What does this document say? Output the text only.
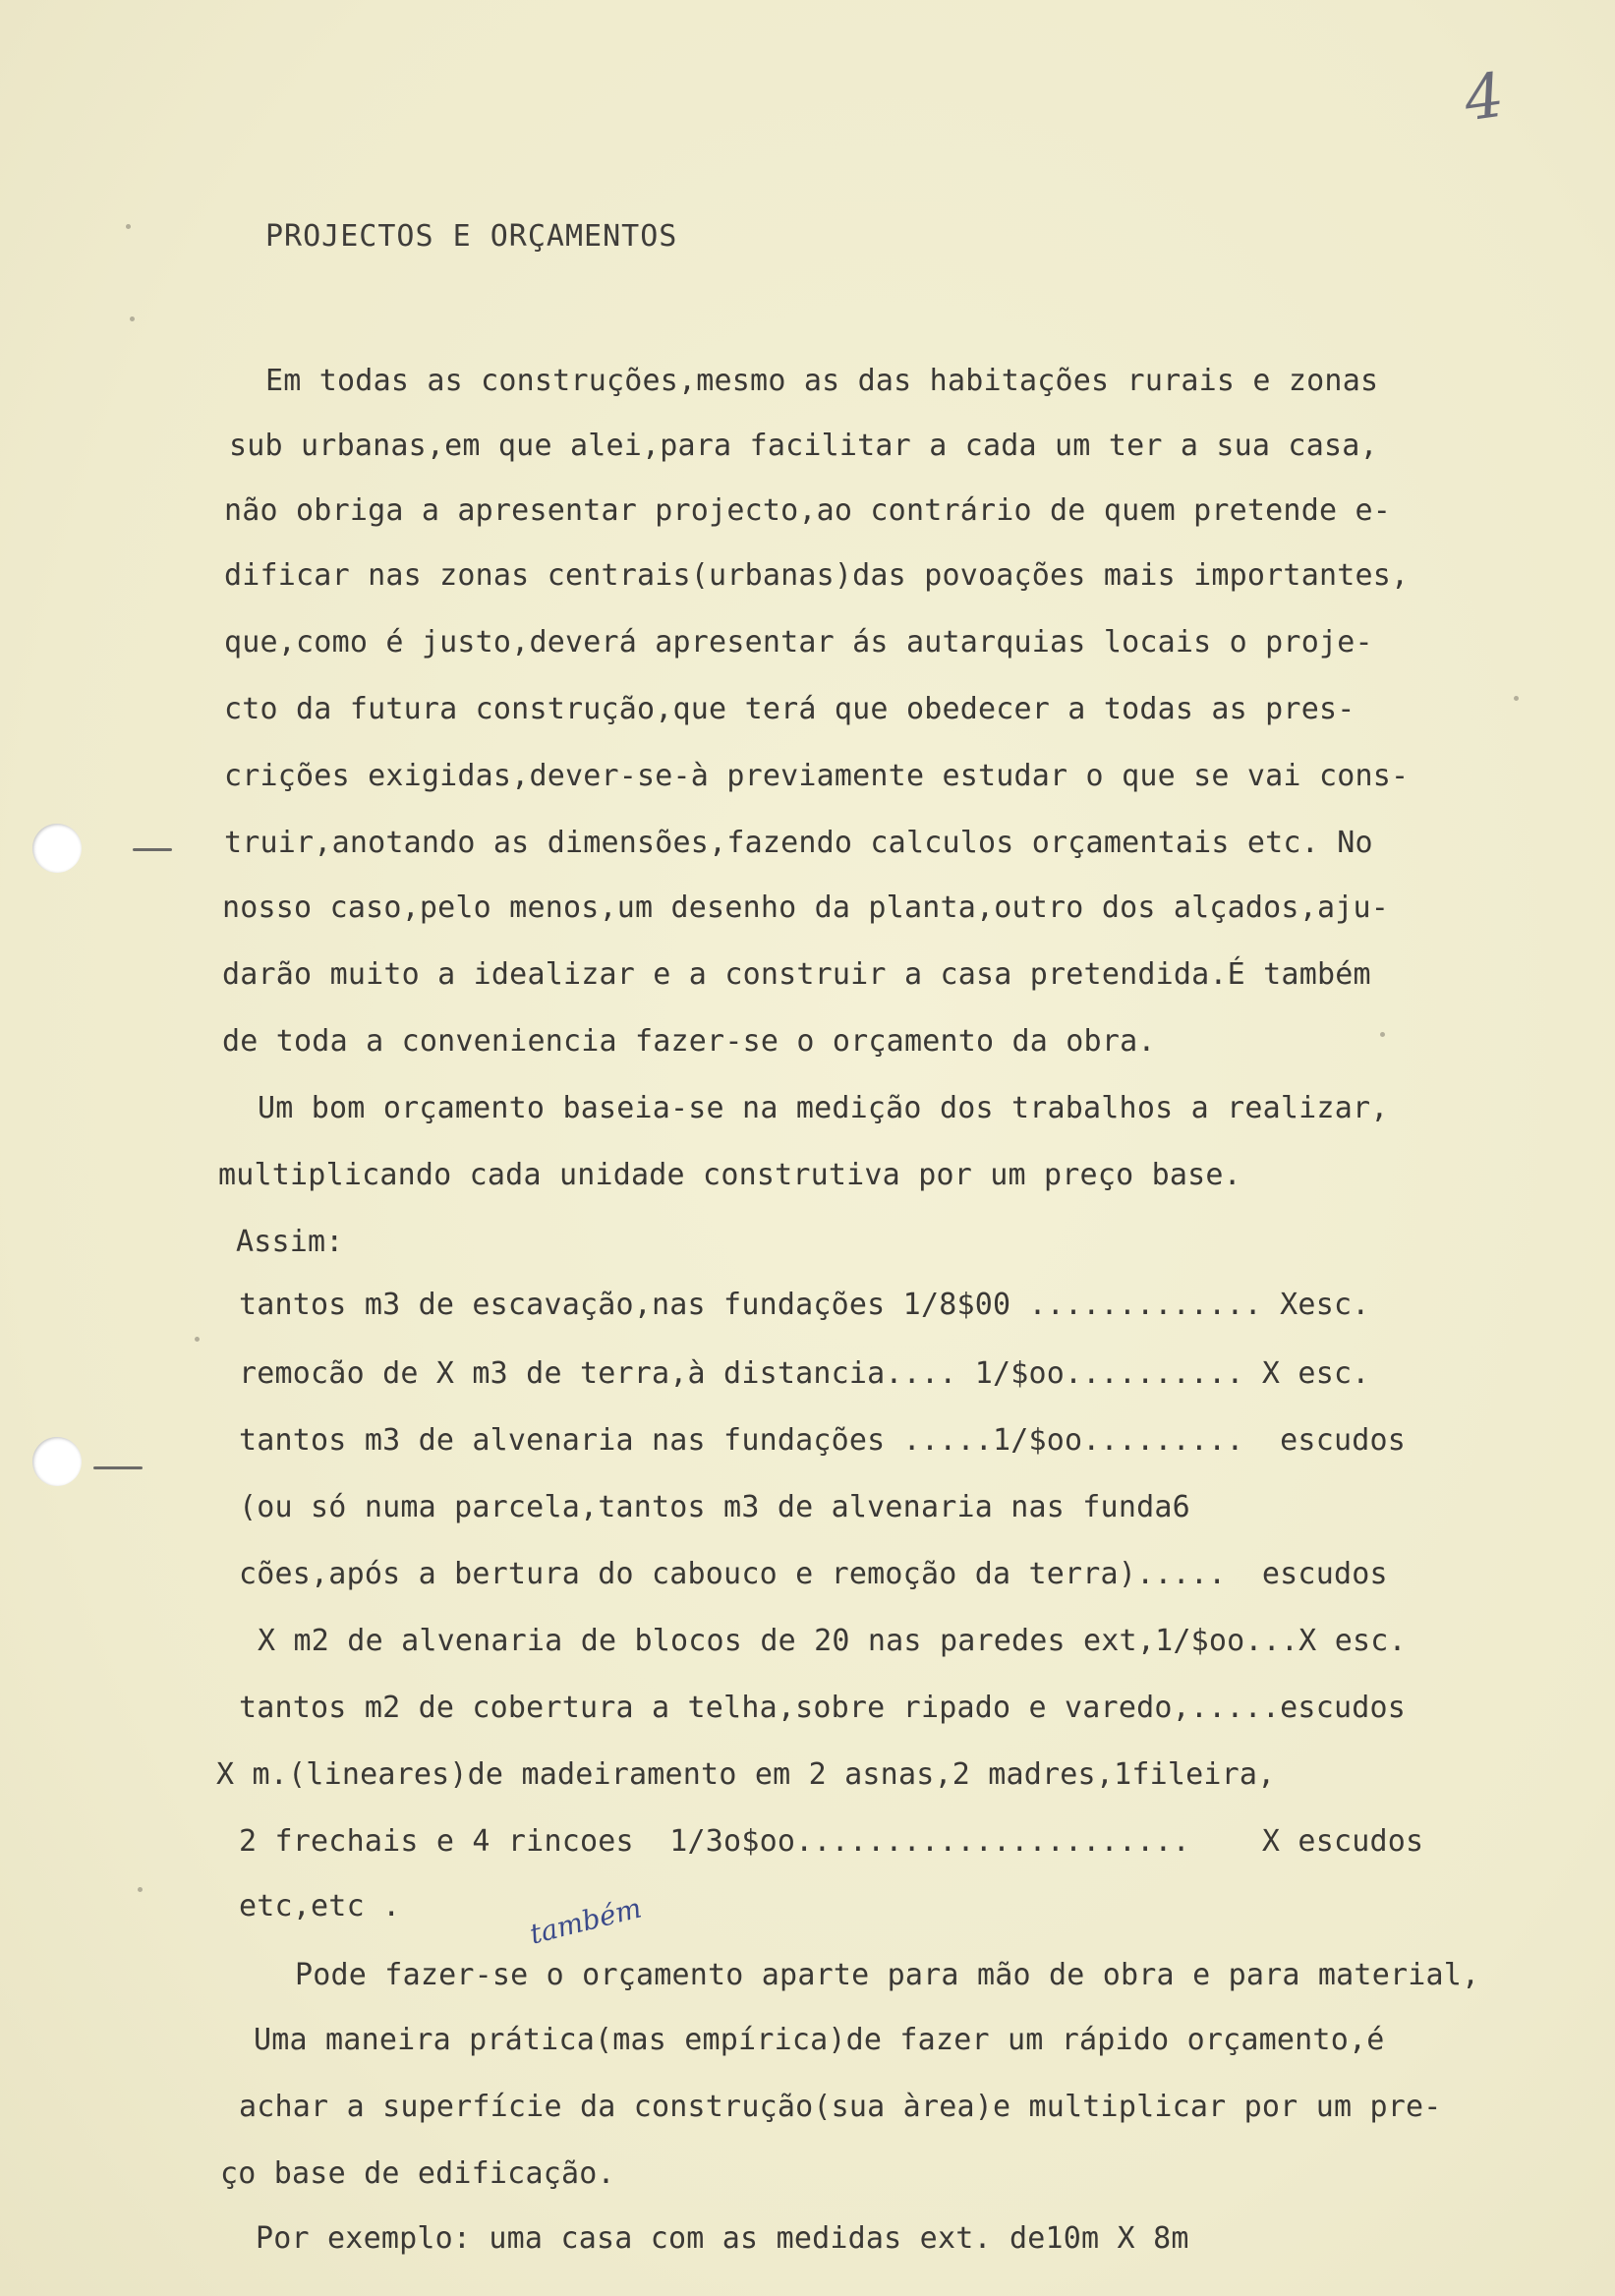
4
PROJECTOS E ORÇAMENTOS
Em todas as construções,mesmo as das habitações rurais e zonas
sub urbanas,em que alei,para facilitar a cada um ter a sua casa,
não obriga a apresentar projecto,ao contrário de quem pretende e-
dificar nas zonas centrais(urbanas)das povoações mais importantes,
que,como é justo,deverá apresentar ás autarquias locais o proje-
cto da futura construção,que terá que obedecer a todas as pres-
crições exigidas,dever-se-à previamente estudar o que se vai cons-
truir,anotando as dimensões,fazendo calculos orçamentais etc. No
nosso caso,pelo menos,um desenho da planta,outro dos alçados,aju-
darão muito a idealizar e a construir a casa pretendida.É também
de toda a conveniencia fazer-se o orçamento da obra.
Um bom orçamento baseia-se na medição dos trabalhos a realizar,
multiplicando cada unidade construtiva por um preço base.
Assim:
tantos m3 de escavação,nas fundações 1/8$00 ............. Xesc.
remocão de X m3 de terra,à distancia.... 1/$oo.......... X esc.
tantos m3 de alvenaria nas fundações .....1/$oo.........  escudos
(ou só numa parcela,tantos m3 de alvenaria nas funda6
cões,após a bertura do cabouco e remoção da terra).....  escudos
X m2 de alvenaria de blocos de 20 nas paredes ext,1/$oo...X esc.
tantos m2 de cobertura a telha,sobre ripado e varedo,.....escudos
X m.(lineares)de madeiramento em 2 asnas,2 madres,1fileira,
2 frechais e 4 rincoes  1/3o$oo......................    X escudos
etc,etc .
Pode fazer-se o orçamento aparte para mão de obra e para material,
Uma maneira prática(mas empírica)de fazer um rápido orçamento,é
achar a superfície da construção(sua àrea)e multiplicar por um pre-
ço base de edificação.
Por exemplo: uma casa com as medidas ext. de10m X 8m
também
